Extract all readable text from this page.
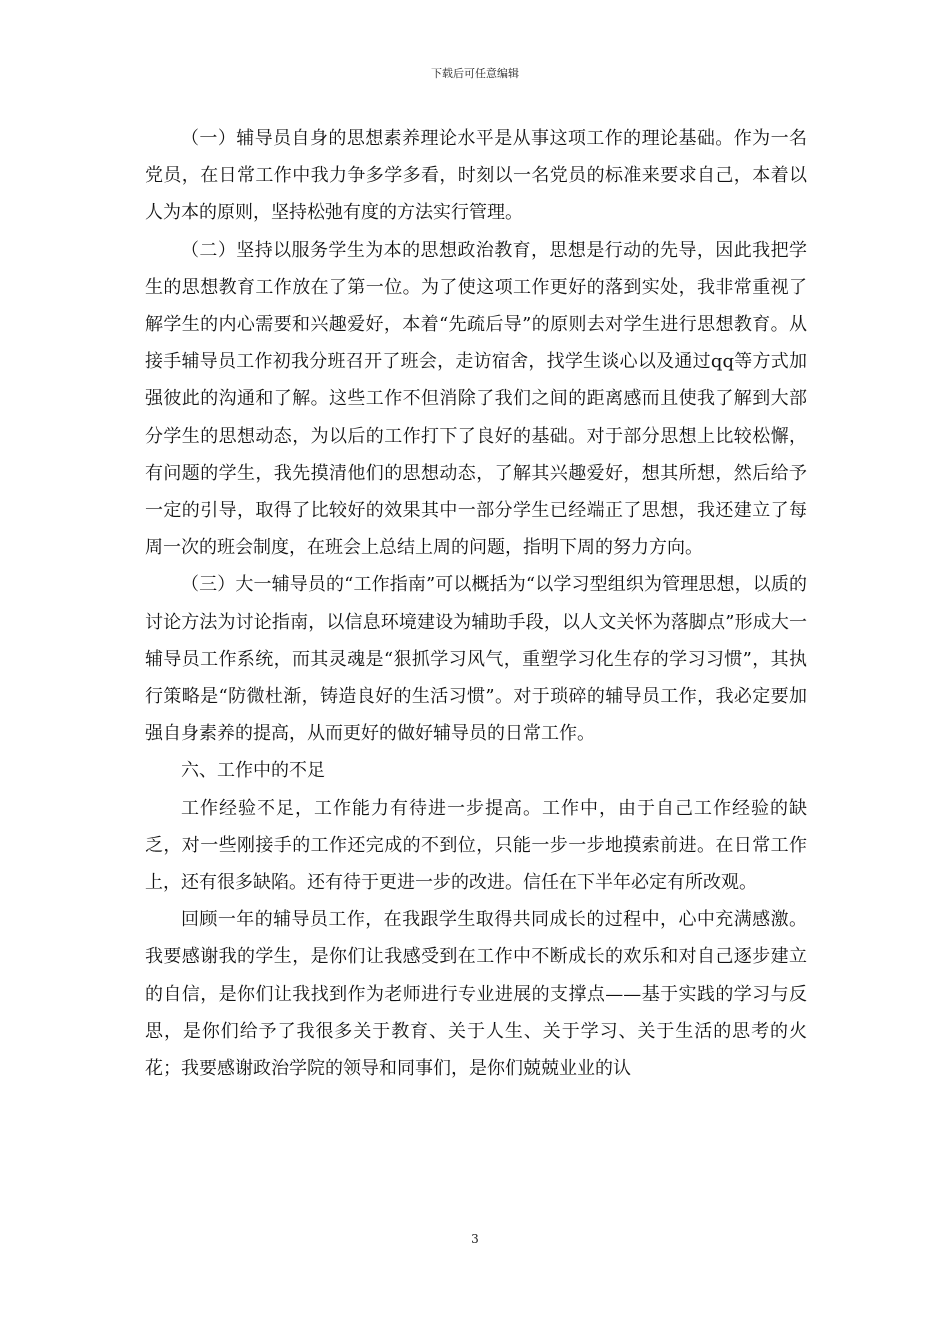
下载后可任意编辑

（一）辅导员自身的思想素养理论水平是从事这项工作的理论基础。作为一名党员，在日常工作中我力争多学多看，时刻以一名党员的标准来要求自己，本着以人为本的原则，坚持松弛有度的方法实行管理。

（二）坚持以服务学生为本的思想政治教育，思想是行动的先导，因此我把学生的思想教育工作放在了第一位。为了使这项工作更好的落到实处，我非常重视了解学生的内心需要和兴趣爱好，本着“先疏后导”的原则去对学生进行思想教育。从接手辅导员工作初我分班召开了班会，走访宿舍，找学生谈心以及通过qq等方式加强彼此的沟通和了解。这些工作不但消除了我们之间的距离感而且使我了解到大部分学生的思想动态，为以后的工作打下了良好的基础。对于部分思想上比较松懈，有问题的学生，我先摸清他们的思想动态，了解其兴趣爱好，想其所想，然后给予一定的引导，取得了比较好的效果其中一部分学生已经端正了思想，我还建立了每周一次的班会制度，在班会上总结上周的问题，指明下周的努力方向。

（三）大一辅导员的“工作指南”可以概括为“以学习型组织为管理思想，以质的讨论方法为讨论指南，以信息环境建设为辅助手段，以人文关怀为落脚点”形成大一辅导员工作系统，而其灵魂是“狠抓学习风气，重塑学习化生存的学习习惯”，其执行策略是“防微杜渐，铸造良好的生活习惯”。对于琐碎的辅导员工作，我必定要加强自身素养的提高，从而更好的做好辅导员的日常工作。

六、工作中的不足

工作经验不足，工作能力有待进一步提高。工作中，由于自己工作经验的缺乏，对一些刚接手的工作还完成的不到位，只能一步一步地摸索前进。在日常工作上，还有很多缺陷。还有待于更进一步的改进。信任在下半年必定有所改观。

回顾一年的辅导员工作，在我跟学生取得共同成长的过程中，心中充满感激。我要感谢我的学生，是你们让我感受到在工作中不断成长的欢乐和对自己逐步建立的自信，是你们让我找到作为老师进行专业进展的支撑点——基于实践的学习与反思，是你们给予了我很多关于教育、关于人生、关于学习、关于生活的思考的火花；我要感谢政治学院的领导和同事们，是你们兢兢业业的认

3
